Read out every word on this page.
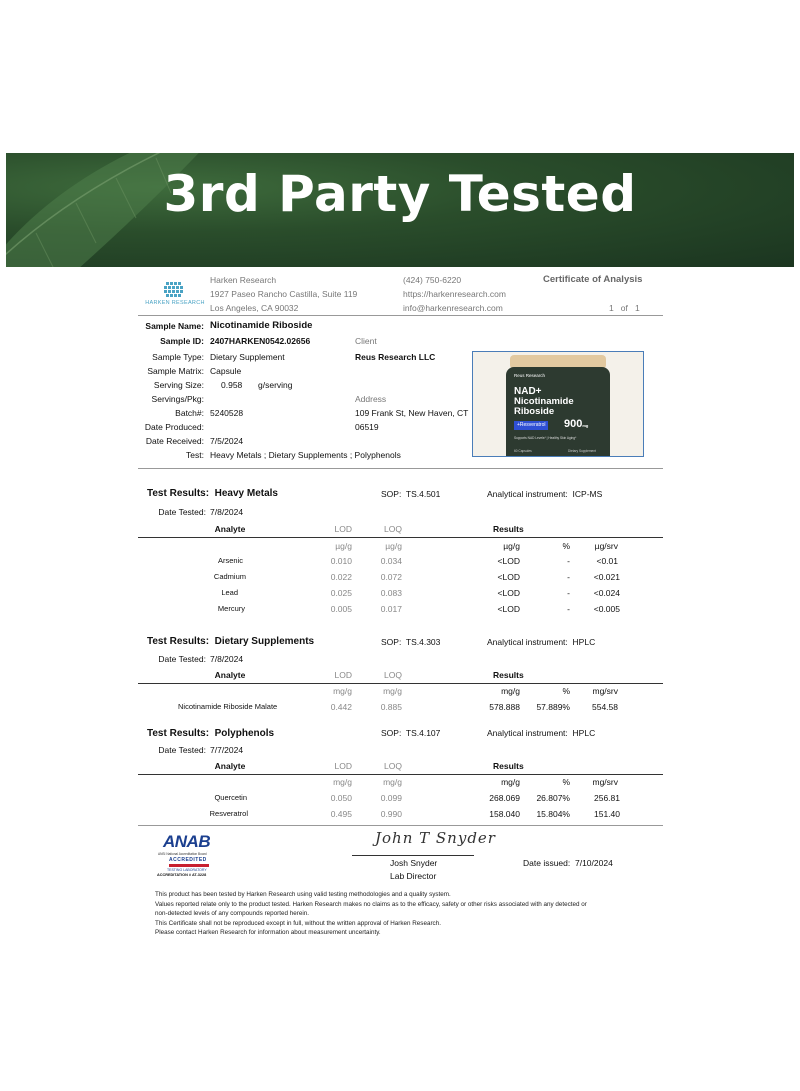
3rd Party Tested
HARKEN RESEARCH
Harken Research
1927 Paseo Rancho Castilla, Suite 119
Los Angeles, CA 90032
(424) 750-6220
https://harkenresearch.com
info@harkenresearch.com
Certificate of Analysis
1   of   1
Sample Name: Nicotinamide Riboside
Sample ID: 2407HARKEN0542.02656
Sample Type: Dietary Supplement
Sample Matrix: Capsule
Serving Size: 0.958 g/serving
Servings/Pkg:
Batch#: 5240528
Date Produced:
Date Received: 7/5/2024
Test: Heavy Metals ; Dietary Supplements ; Polyphenols
Client
Reus Research LLC
Address
109 Frank St, New Haven, CT
06519
Reus Research
NAD+
Nicotinamide
Riboside
+Resveratrol 900mg
Supports NAD Levels* | Healthy Skin Aging*
60 Capsules	Dietary Supplement
Test Results: Heavy Metals	SOP: TS.4.501	Analytical instrument: ICP-MS
Date Tested: 7/8/2024
Analyte	LOD	LOQ	Results
µg/g	µg/g	µg/g	%	µg/srv
Arsenic	0.010	0.034	<LOD	-	<0.01
Cadmium	0.022	0.072	<LOD	-	<0.021
Lead	0.025	0.083	<LOD	-	<0.024
Mercury	0.005	0.017	<LOD	-	<0.005
Test Results: Dietary Supplements	SOP: TS.4.303	Analytical instrument: HPLC
Date Tested: 7/8/2024
Analyte	LOD	LOQ	Results
mg/g	mg/g	mg/g	%	mg/srv
Nicotinamide Riboside Malate	0.442	0.885	578.888	57.889%	554.58
Test Results: Polyphenols	SOP: TS.4.107	Analytical instrument: HPLC
Date Tested: 7/7/2024
Analyte	LOD	LOQ	Results
mg/g	mg/g	mg/g	%	mg/srv
Quercetin	0.050	0.099	268.069	26.807%	256.81
Resveratrol	0.495	0.990	158.040	15.804%	151.40
ANAB
ANSI National Accreditation Board
ACCREDITED
TESTING LABORATORY
ACCREDITATION # AT-3228
John T Snyder
Josh Snyder
Lab Director
Date issued: 7/10/2024
This product has been tested by Harken Research using valid testing methodologies and a quality system.
Values reported relate only to the product tested. Harken Research makes no claims as to the efficacy, safety or other risks associated with any detected or
non-detected levels of any compounds reported herein.
This Certificate shall not be reproduced except in full, without the written approval of Harken Research.
Please contact Harken Research for information about measurement uncertainty.
